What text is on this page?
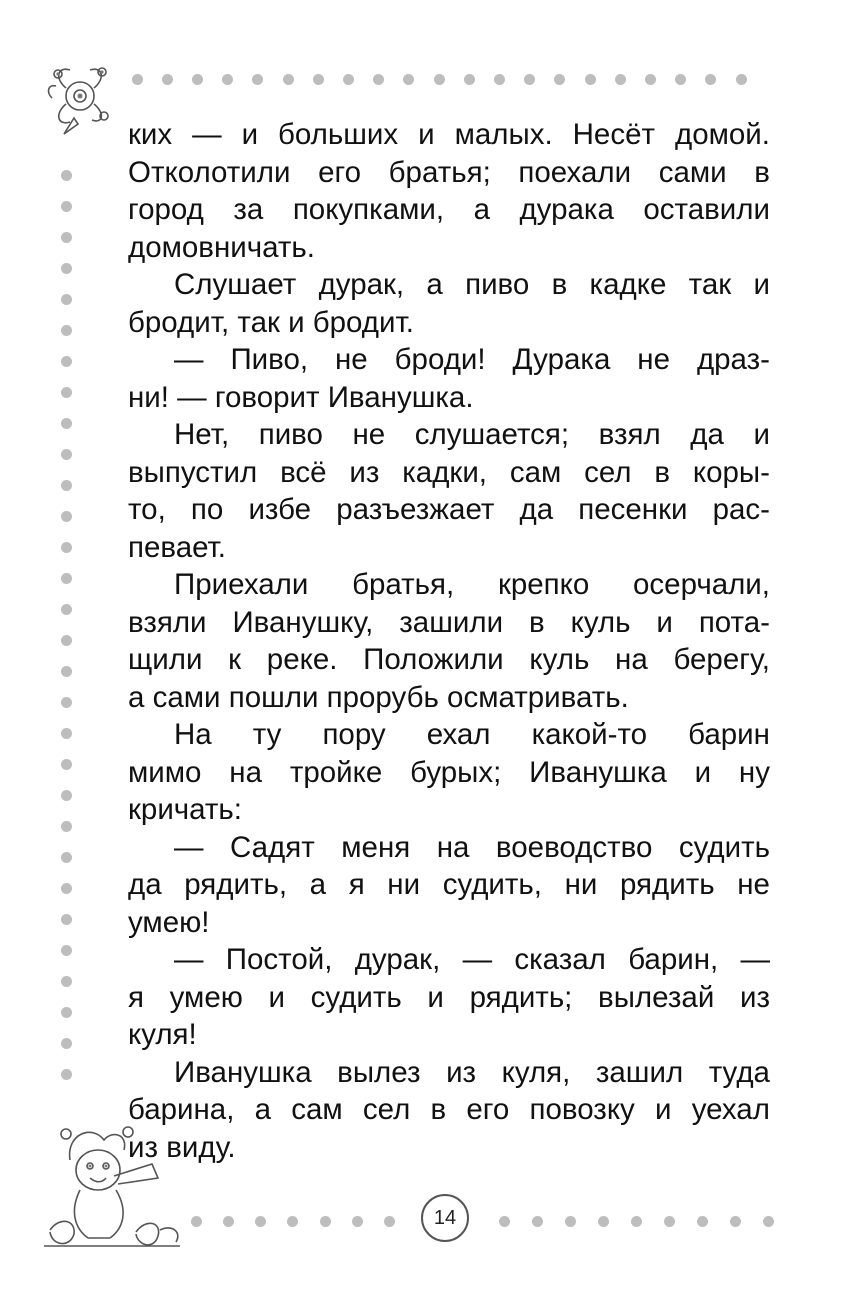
ких — и больших и малых. Несёт домой.
Отколотили его братья; поехали сами в
город за покупками, а дурака оставили
домовничать.
Слушает дурак, а пиво в кадке так и
бродит, так и бродит.
— Пиво, не броди! Дурака не драз-
ни! — говорит Иванушка.
Нет, пиво не слушается; взял да и
выпустил всё из кадки, сам сел в коры-
то, по избе разъезжает да песенки рас-
певает.
Приехали братья, крепко осерчали,
взяли Иванушку, зашили в куль и пота-
щили к реке. Положили куль на берегу,
а сами пошли прорубь осматривать.
На ту пору ехал какой-то барин
мимо на тройке бурых; Иванушка и ну
кричать:
— Садят меня на воеводство судить
да рядить, а я ни судить, ни рядить не
умею!
— Постой, дурак, — сказал барин, —
я умею и судить и рядить; вылезай из
куля!
Иванушка вылез из куля, зашил туда
барина, а сам сел в его повозку и уехал
из виду.
14
